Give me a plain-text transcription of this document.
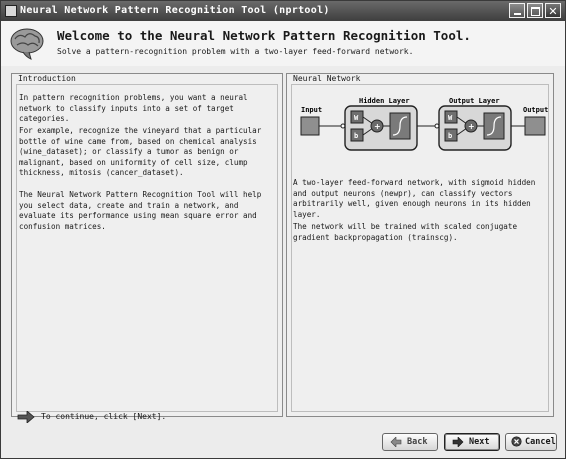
Neural Network Pattern Recognition Tool (nprtool)	✕
Welcome to the Neural Network Pattern Recognition Tool.
Solve a pattern-recognition problem with a two-layer feed-forward network.
Introduction

In pattern recognition problems, you want a neural network to classify inputs into a set of target categories.

For example, recognize the vineyard that a particular bottle of wine came from, based on chemical analysis (wine_dataset); or classify a tumor as benign or malignant, based on uniformity of cell size, clump thickness, mitosis (cancer_dataset).

The Neural Network Pattern Recognition Tool will help you select data, create and train a network, and evaluate its performance using mean square error and confusion matrices.

Neural Network
Input
Hidden Layer
W
b
+
Output Layer
W
b
+
Output

A two-layer feed-forward network, with sigmoid hidden and output neurons (newpr), can classify vectors arbitrarily well, given enough neurons in its hidden layer.

The network will be trained with scaled conjugate gradient backpropagation (trainscg).

To continue, click [Next].
Back	Next	Cancel
